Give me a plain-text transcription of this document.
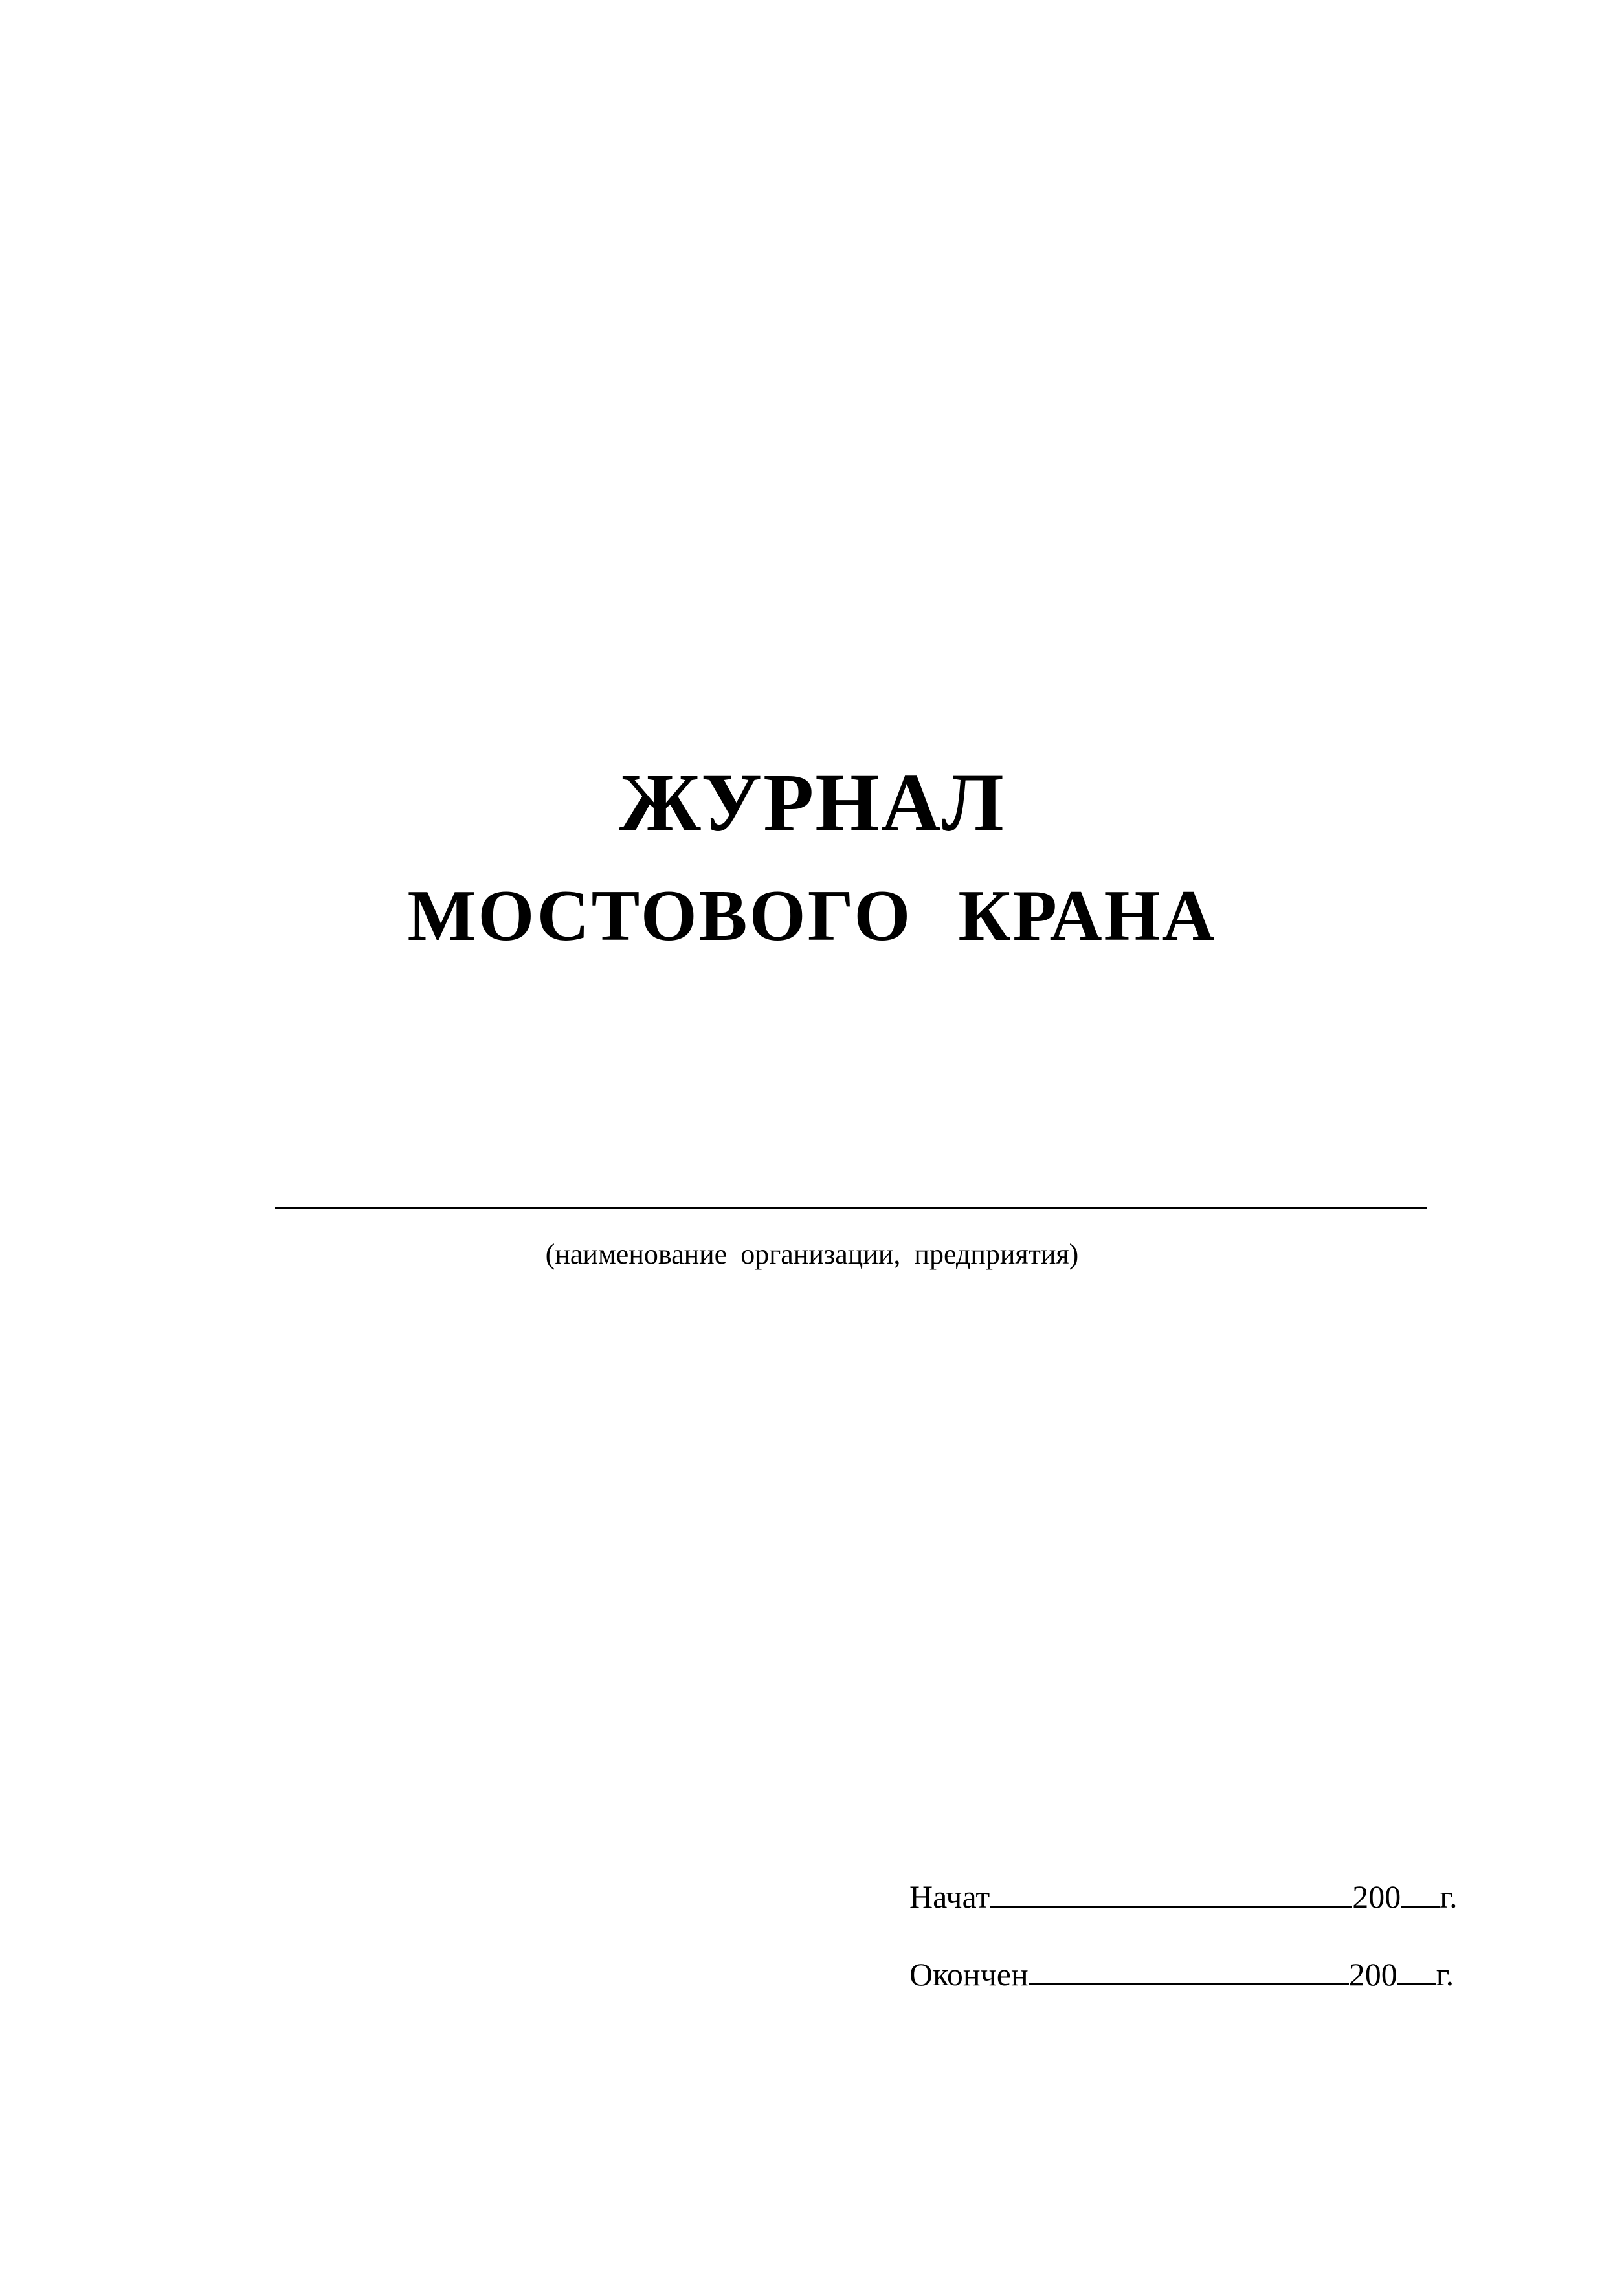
ЖУРНАЛ
МОСТОВОГО КРАНА
(наименование организации, предприятия)
Начат	200 г.
Окончен	200 г.
